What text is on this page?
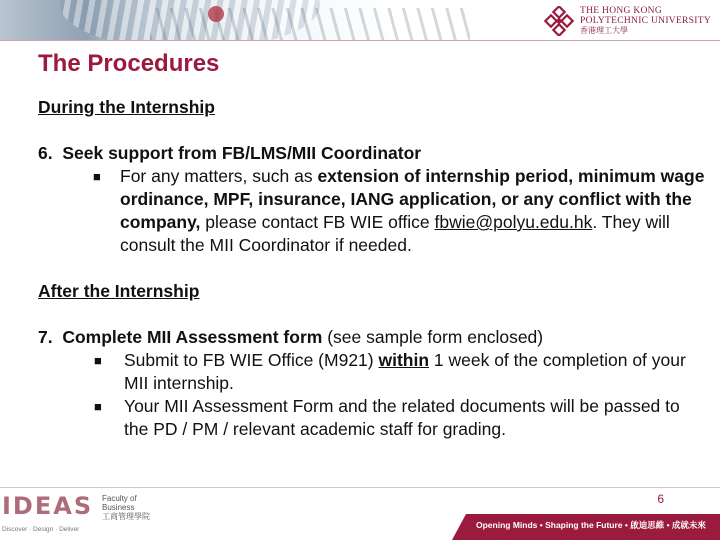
THE HONG KONG
POLYTECHNIC UNIVERSITY
香港理工大學
The Procedures
During the Internship
6. Seek support from FB/LMS/MII Coordinator
■ For any matters, such as extension of internship period, minimum wage ordinance, MPF, insurance, IANG application, or any conflict with the company, please contact FB WIE office fbwie@polyu.edu.hk. They will consult the MII Coordinator if needed.
After the Internship
7. Complete MII Assessment form (see sample form enclosed)
■ Submit to FB WIE Office (M921) within 1 week of the completion of your MII internship.
■ Your MII Assessment Form and the related documents will be passed to the PD / PM / relevant academic staff for grading.
6
IDEAS Faculty of
Business
工商管理學院
Discover · Design · Deliver	Opening Minds • Shaping the Future • 啟迪思維 • 成就未來
